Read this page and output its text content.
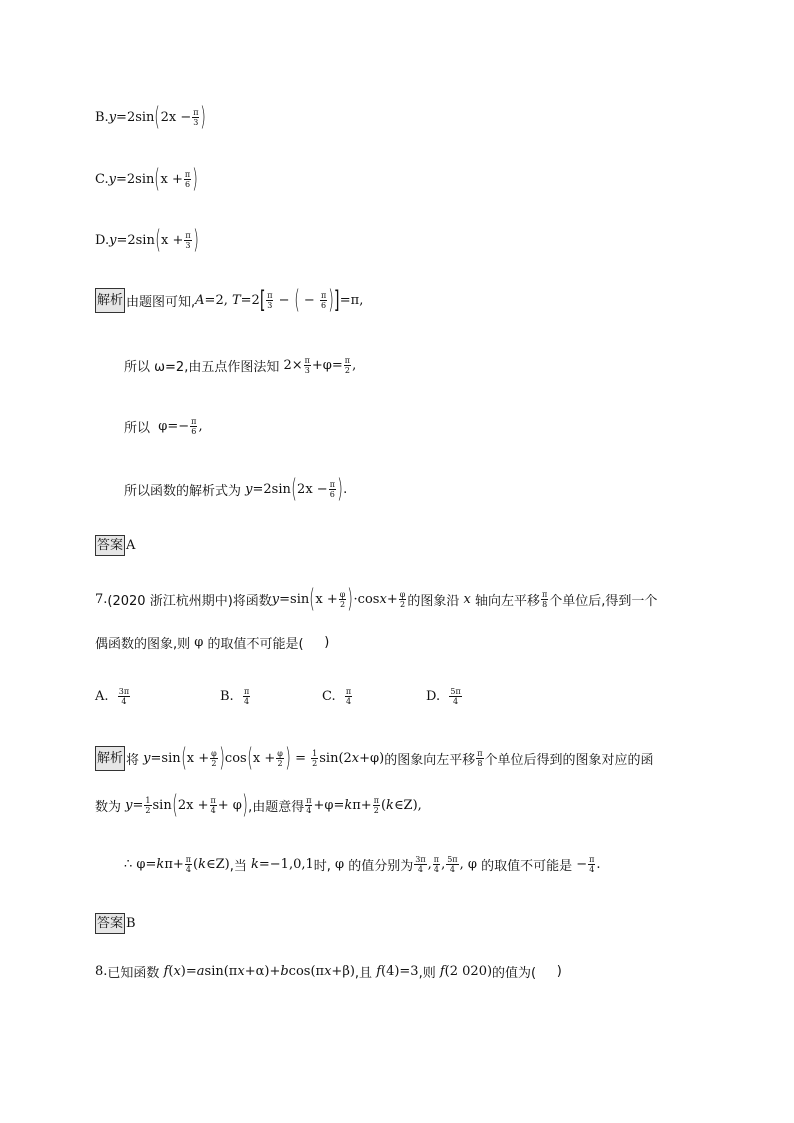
B. y =2sin ( $2x - \frac{\pi}{3}$ )
C. y =2sin ( $x + \frac{\pi}{6}$ )
D. y =2sin ( $x + \frac{\pi}{3}$ )
解析 由题图可知, A =2, T =2 [ $\frac{\pi}{3}$ − ( − $\frac{\pi}{6}$ ) ] =π,
所以
ω=2,由五点作图法知 $2\times \frac{\pi}{3} +\varphi= \frac{\pi}{2}$ ,
所以 $\varphi=- \frac{\pi}{6}$ ,
所以函数的解析式为
y =2sin ( $2x - \frac{\pi}{6}$ ) .
答案 A
7. (2020 浙江杭州期中) 将函数 y =sin ( $x + \frac{\varphi}{2}$ ) ·cos $x + \frac{\varphi}{2}$ 的图象沿
x
轴向左平移 $\frac{\pi}{8}$ 个单位后,得到一个
偶函数的图象,则 φ 的取值不可能是(
)
A.
$\frac{3\pi}{4}$	B.
$\frac{\pi}{4}$	C.
$\frac{\pi}{4}$	D.
$\frac{5\pi}{4}$
解析 将
y =sin ( $x + \frac{\varphi}{2}$ ) cos ( $x + \frac{\varphi}{2}$ ) = $\frac{1}{2} \sin(2$ x +φ) 的图象向左平移 $\frac{\pi}{8}$ 个单位后得到的图象对应的函
数为
$y = \frac{1}{2}$ sin ( $2x + \frac{\pi}{4} + \varphi$ ) ,由题意得 $\frac{\pi}{4} +\varphi= k$ $\pi+ \frac{\pi}{2}$ ( k ∈Z),
∴ φ= k $\pi+ \frac{\pi}{4}$ ( k ∈Z) ,当
k =−1,0,1 时, φ 的值分别为 $\frac{3\pi}{4}$ , $\frac{\pi}{4}$ , $\frac{5\pi}{4}$ , φ 的取值不可能是 − $\frac{\pi}{4}$ .
答案 B
8. 已知函数
f ( x )= a sin(π x +α)+ b cos(π x +β) ,且
f (4)=3 ,则
f (2 020) 的值为(
)
